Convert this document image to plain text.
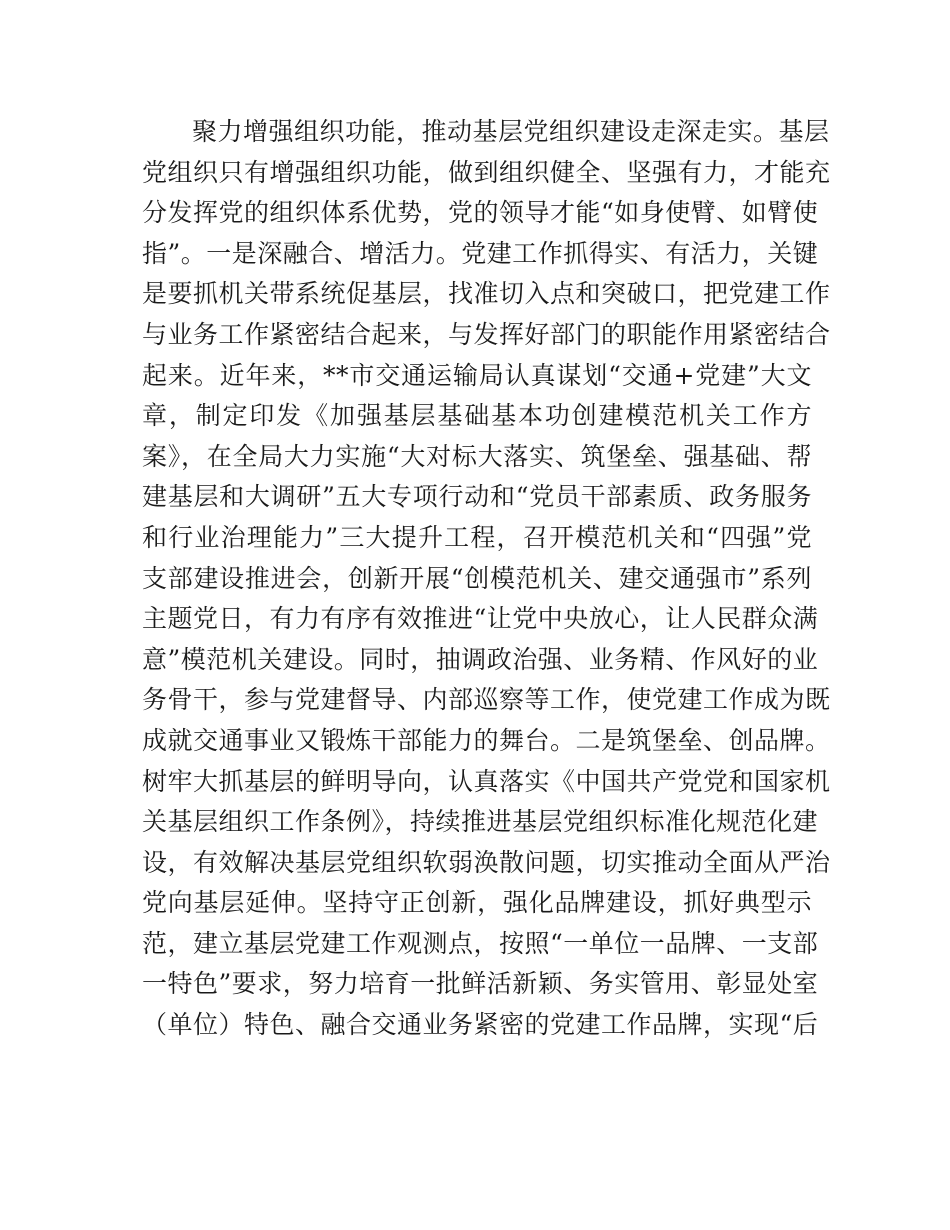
聚力增强组织功能，推动基层党组织建设走深走实。基层
党组织只有增强组织功能，做到组织健全、坚强有力，才能充
分发挥党的组织体系优势，党的领导才能“如身使臂、如臂使
指”。一是深融合、增活力。党建工作抓得实、有活力，关键
是要抓机关带系统促基层，找准切入点和突破口，把党建工作
与业务工作紧密结合起来，与发挥好部门的职能作用紧密结合
起来。近年来，**市交通运输局认真谋划“交通+党建”大文
章，制定印发《加强基层基础基本功创建模范机关工作方
案》，在全局大力实施“大对标大落实、筑堡垒、强基础、帮
建基层和大调研”五大专项行动和“党员干部素质、政务服务
和行业治理能力”三大提升工程，召开模范机关和“四强”党
支部建设推进会，创新开展“创模范机关、建交通强市”系列
主题党日，有力有序有效推进“让党中央放心，让人民群众满
意”模范机关建设。同时，抽调政治强、业务精、作风好的业
务骨干，参与党建督导、内部巡察等工作，使党建工作成为既
成就交通事业又锻炼干部能力的舞台。二是筑堡垒、创品牌。
树牢大抓基层的鲜明导向，认真落实《中国共产党党和国家机
关基层组织工作条例》，持续推进基层党组织标准化规范化建
设，有效解决基层党组织软弱涣散问题，切实推动全面从严治
党向基层延伸。坚持守正创新，强化品牌建设，抓好典型示
范，建立基层党建工作观测点，按照“一单位一品牌、一支部
一特色”要求，努力培育一批鲜活新颖、务实管用、彰显处室
（单位）特色、融合交通业务紧密的党建工作品牌，实现“后
